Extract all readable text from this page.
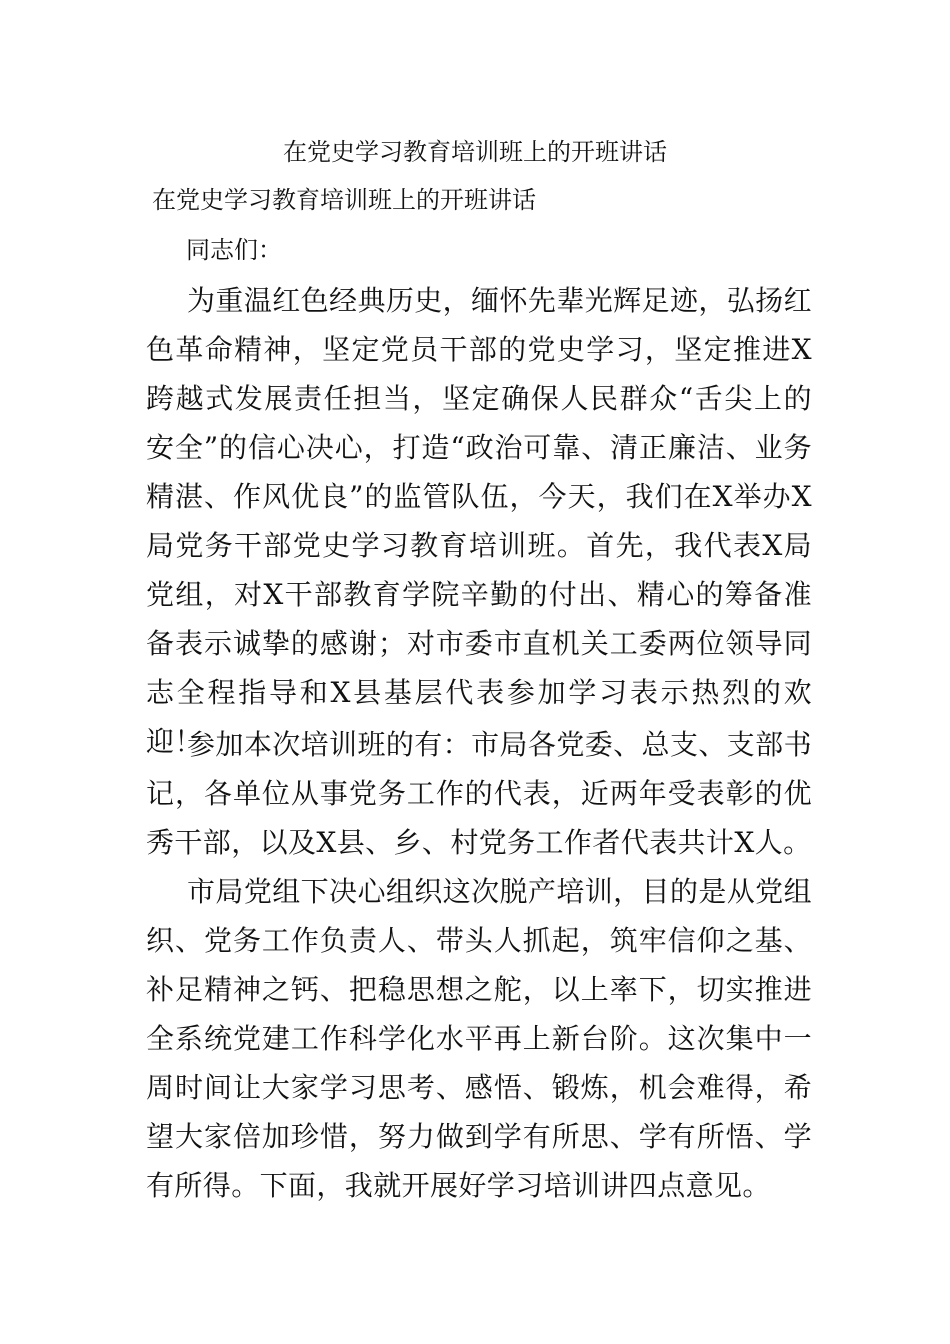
在党史学习教育培训班上的开班讲话
在党史学习教育培训班上的开班讲话
同志们：

为重温红色经典历史，缅怀先辈光辉足迹，弘扬红色革命精神，坚定党员干部的党史学习，坚定推进X跨越式发展责任担当，坚定确保人民群众“舌尖上的安全”的信心决心，打造“政治可靠、清正廉洁、业务精湛、作风优良”的监管队伍，今天，我们在X举办X局党务干部党史学习教育培训班。首先，我代表X局党组，对X干部教育学院辛勤的付出、精心的筹备准备表示诚挚的感谢；对市委市直机关工委两位领导同志全程指导和X县基层代表参加学习表示热烈的欢迎！

参加本次培训班的有：市局各党委、总支、支部书记，各单位从事党务工作的代表，近两年受表彰的优秀干部，以及X县、乡、村党务工作者代表共计X人。

市局党组下决心组织这次脱产培训，目的是从党组织、党务工作负责人、带头人抓起，筑牢信仰之基、补足精神之钙、把稳思想之舵，以上率下，切实推进全系统党建工作科学化水平再上新台阶。这次集中一周时间让大家学习思考、感悟、锻炼，机会难得，希望大家倍加珍惜，努力做到学有所思、学有所悟、学有所得。下面，我就开展好学习培训讲四点意见。
